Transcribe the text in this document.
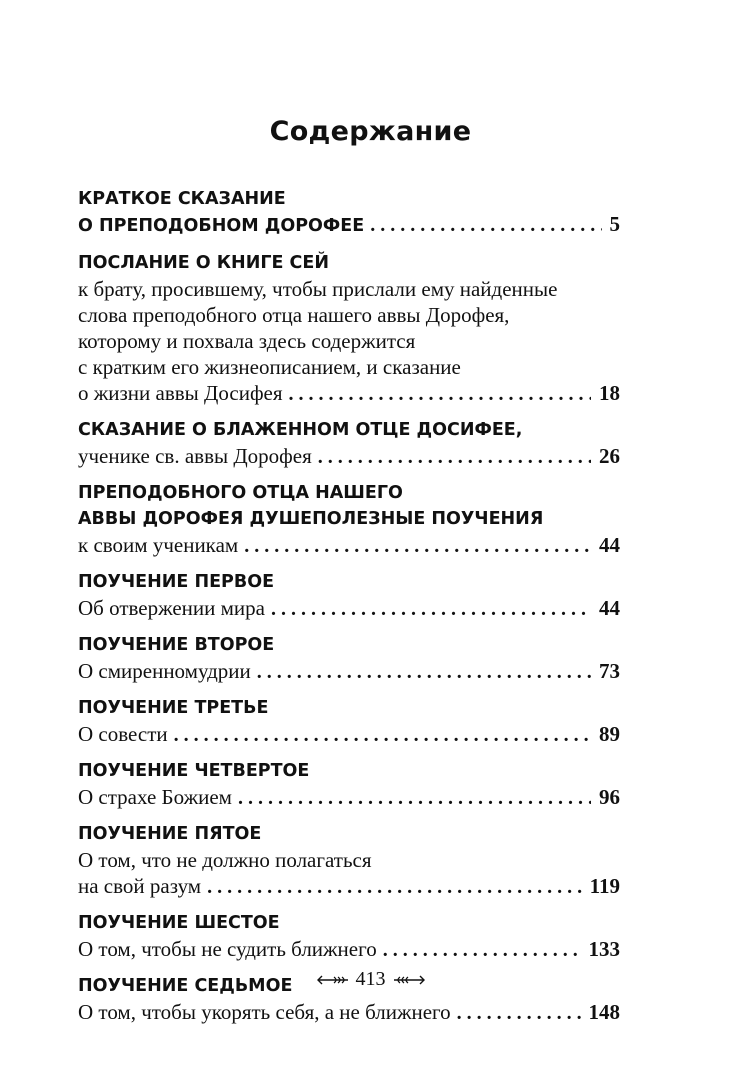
Содержание
КРАТКОЕ СКАЗАНИЕ
О ПРЕПОДОБНОМ ДОРОФЕЕ . . .	5
ПОСЛАНИЕ О КНИГЕ СЕЙ
к брату, просившему, чтобы прислали ему найденные
слова преподобного отца нашего аввы Дорофея,
которому и похвала здесь содержится
с кратким его жизнеописанием, и сказание
о жизни аввы Досифея . . .	18
СКАЗАНИЕ О БЛАЖЕННОМ ОТЦЕ ДОСИФЕЕ,
ученике св. аввы Дорофея . . .	26
ПРЕПОДОБНОГО ОТЦА НАШЕГО
АВВЫ ДОРОФЕЯ ДУШЕПОЛЕЗНЫЕ ПОУЧЕНИЯ
к своим ученикам . . .	44
ПОУЧЕНИЕ ПЕРВОЕ
Об отвержении мира . . .	44
ПОУЧЕНИЕ ВТОРОЕ
О смиренномудрии . . .	73
ПОУЧЕНИЕ ТРЕТЬЕ
О совести . . .	89
ПОУЧЕНИЕ ЧЕТВЕРТОЕ
О страхе Божием . . .	96
ПОУЧЕНИЕ ПЯТОЕ
О том, что не должно полагаться
на свой разум . . .	119
ПОУЧЕНИЕ ШЕСТОЕ
О том, чтобы не судить ближнего . . .	133
ПОУЧЕНИЕ СЕДЬМОЕ
О том, чтобы укорять себя, а не ближнего . . .	148
413
